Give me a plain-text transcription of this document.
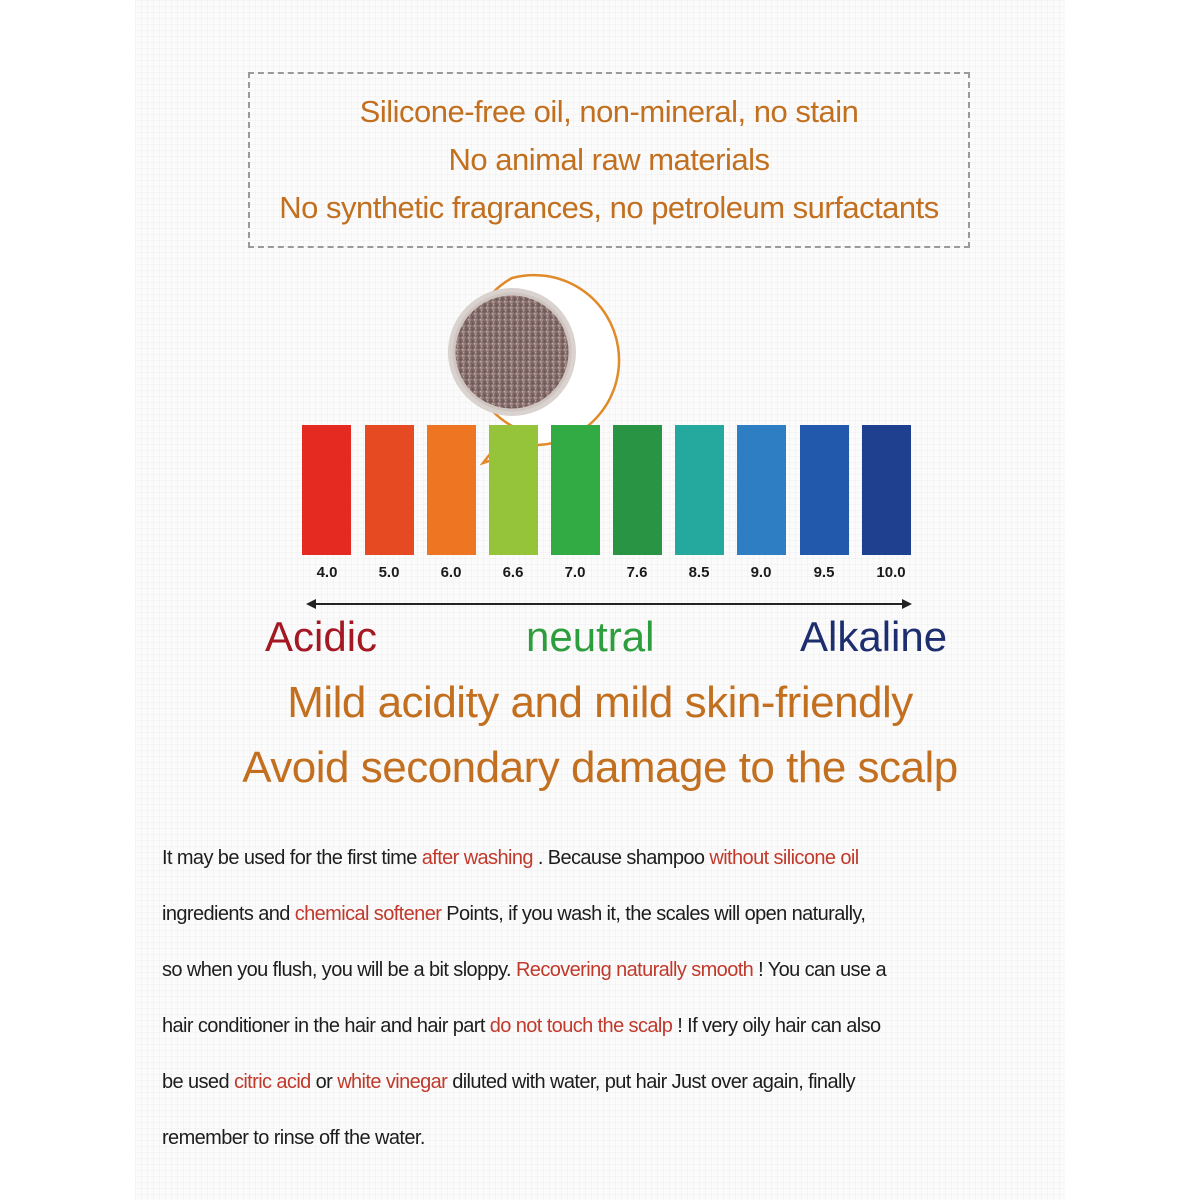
Silicone-free oil, non-mineral, no stain
No animal raw materials
No synthetic fragrances, no petroleum surfactants
4.0	5.0	6.0	6.6	7.0	7.6	8.5	9.0	9.5	10.0
Acidic	neutral	Alkaline
Mild acidity and mild skin-friendly
Avoid secondary damage to the scalp
It may be used for the first time after washing . Because shampoo without silicone oil
ingredients and chemical softener Points, if you wash it, the scales will open naturally,
so when you flush, you will be a bit sloppy. Recovering naturally smooth ! You can use a
hair conditioner in the hair and hair part do not touch the scalp ! If very oily hair can also
be used citric acid or white vinegar diluted with water, put hair Just over again, finally
remember to rinse off the water.
